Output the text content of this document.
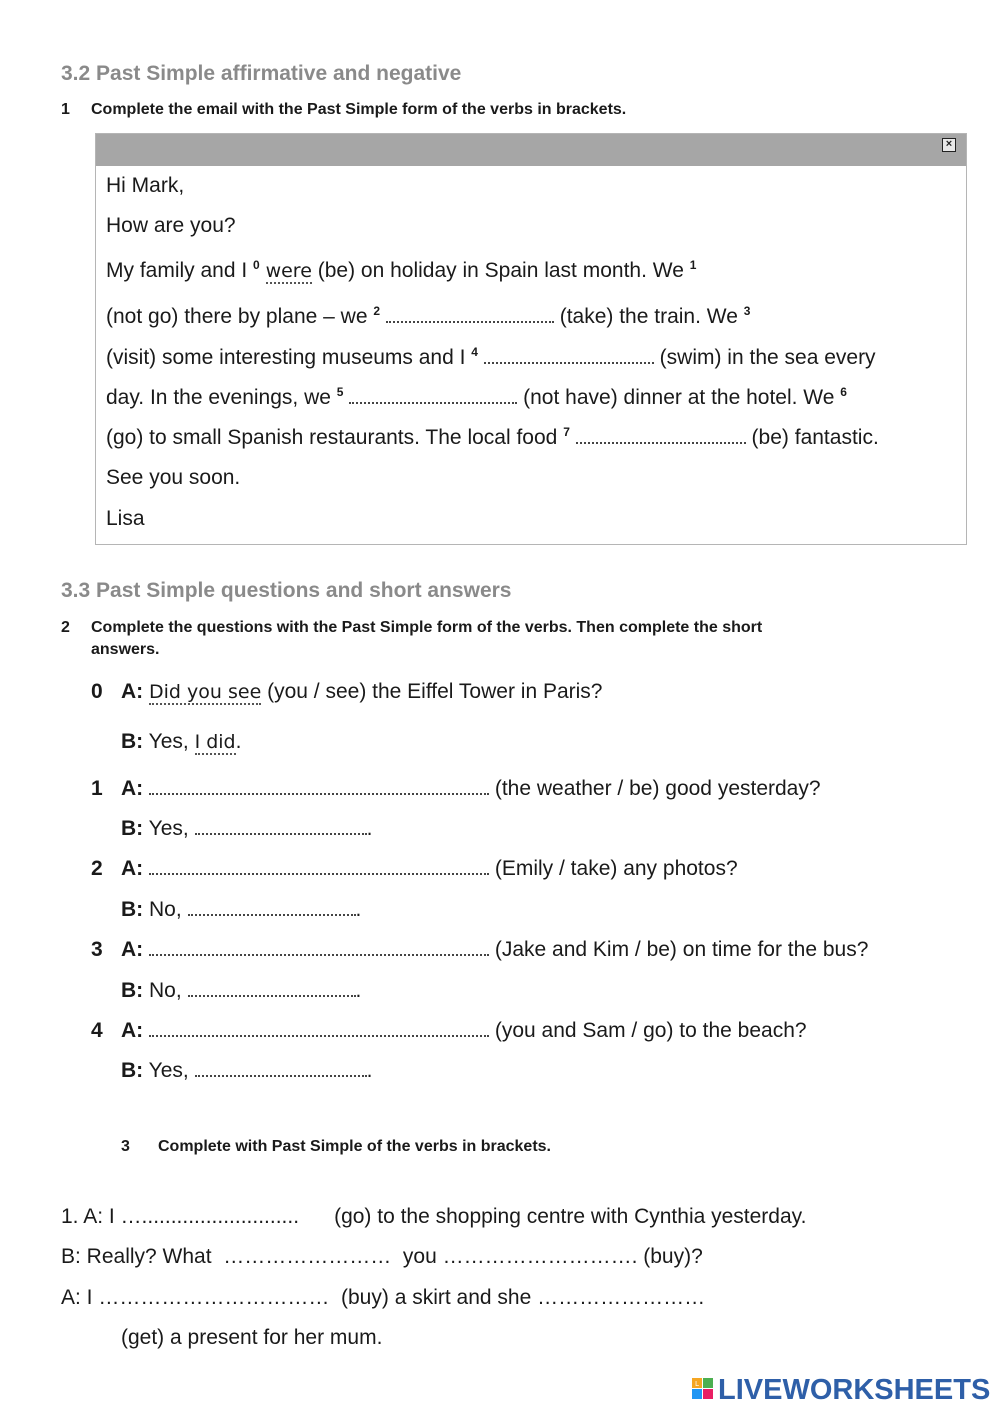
3.2 Past Simple affirmative and negative
1 Complete the email with the Past Simple form of the verbs in brackets.
×
Hi Mark,
How are you?
My family and I $^0$ were (be) on holiday in Spain last month. We $^1$
(not go) there by plane – we $^2$	(take) the train. We $^3$
(visit) some interesting museums and I $^4$	(swim) in the sea every
day. In the evenings, we $^5$	(not have) dinner at the hotel. We $^6$
(go) to small Spanish restaurants. The local food $^7$	(be) fantastic.
See you soon.
Lisa
3.3 Past Simple questions and short answers
2 Complete the questions with the Past Simple form of the verbs. Then complete the short
answers.
0 A: Did you see (you / see) the Eiffel Tower in Paris?
B: Yes, I did.
1 A:	(the weather / be) good yesterday?
B: Yes,	.
2 A:	(Emily / take) any photos?
B: No,	.
3 A:	(Jake and Kim / be) on time for the bus?
B: No,	.
4 A:	(you and Sam / go) to the beach?
B: Yes,	.
3 Complete with Past Simple of the verbs in brackets.
1. A: I …...........................      (go) to the shopping centre with Cynthia yesterday.
B: Really? What  ……………………  you ………………………. (buy)?
A: I ……………………………  (buy) a skirt and she ……………………
(get) a present for her mum.
L LIVEWORKSHEETS
